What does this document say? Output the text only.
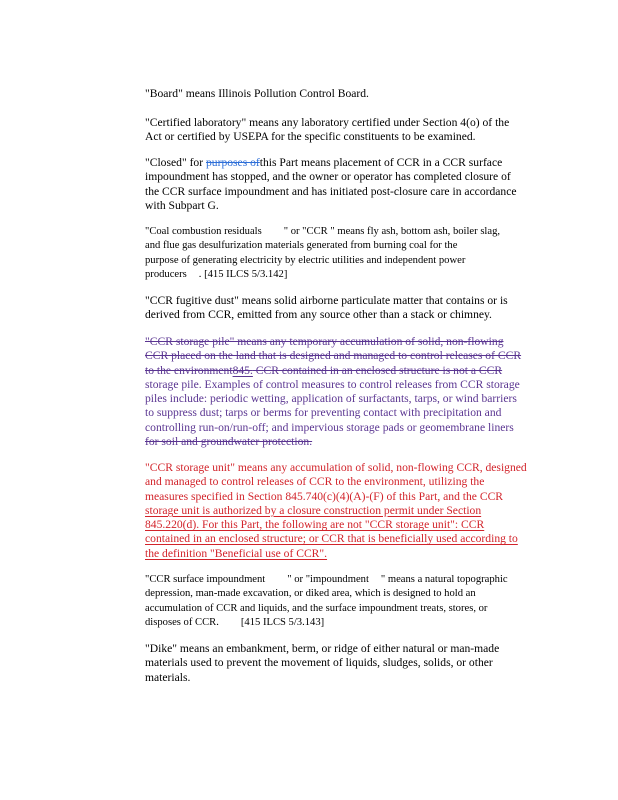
"Board" means Illinois Pollution Control Board.
"Certified laboratory" means any laboratory certified under Section 4(o) of the
Act or certified by USEPA for the specific constituents to be examined.
"Closed" for purposes ofthis Part means placement of CCR in a CCR surface
impoundment has stopped, and the owner or operator has completed closure of
the CCR surface impoundment and has initiated post-closure care in accordance
with Subpart G.
"Coal combustion residuals " or "CCR " means fly ash, bottom ash, boiler slag,
and flue gas desulfurization materials generated from burning coal for the
purpose of generating electricity by electric utilities and independent power
producers . [415 ILCS 5/3.142]
"CCR fugitive dust" means solid airborne particulate matter that contains or is
derived from CCR, emitted from any source other than a stack or chimney.
"CCR storage pile" means any temporary accumulation of solid, non-flowing
CCR placed on the land that is designed and managed to control releases of CCR
to the environment845. CCR contained in an enclosed structure is not a CCR
storage pile. Examples of control measures to control releases from CCR storage
piles include: periodic wetting, application of surfactants, tarps, or wind barriers
to suppress dust; tarps or berms for preventing contact with precipitation and
controlling run-on/run-off; and impervious storage pads or geomembrane liners
for soil and groundwater protection.
"CCR storage unit" means any accumulation of solid, non-flowing CCR, designed
and managed to control releases of CCR to the environment, utilizing the
measures specified in Section 845.740(c)(4)(A)-(F) of this Part, and the CCR
storage unit is authorized by a closure construction permit under Section
845.220(d). For this Part, the following are not "CCR storage unit": CCR
contained in an enclosed structure; or CCR that is beneficially used according to
the definition "Beneficial use of CCR".
"CCR surface impoundment " or "impoundment " means a natural topographic
depression, man-made excavation, or diked area, which is designed to hold an
accumulation of CCR and liquids, and the surface impoundment treats, stores, or
disposes of CCR. [415 ILCS 5/3.143]
"Dike" means an embankment, berm, or ridge of either natural or man-made
materials used to prevent the movement of liquids, sludges, solids, or other
materials.
